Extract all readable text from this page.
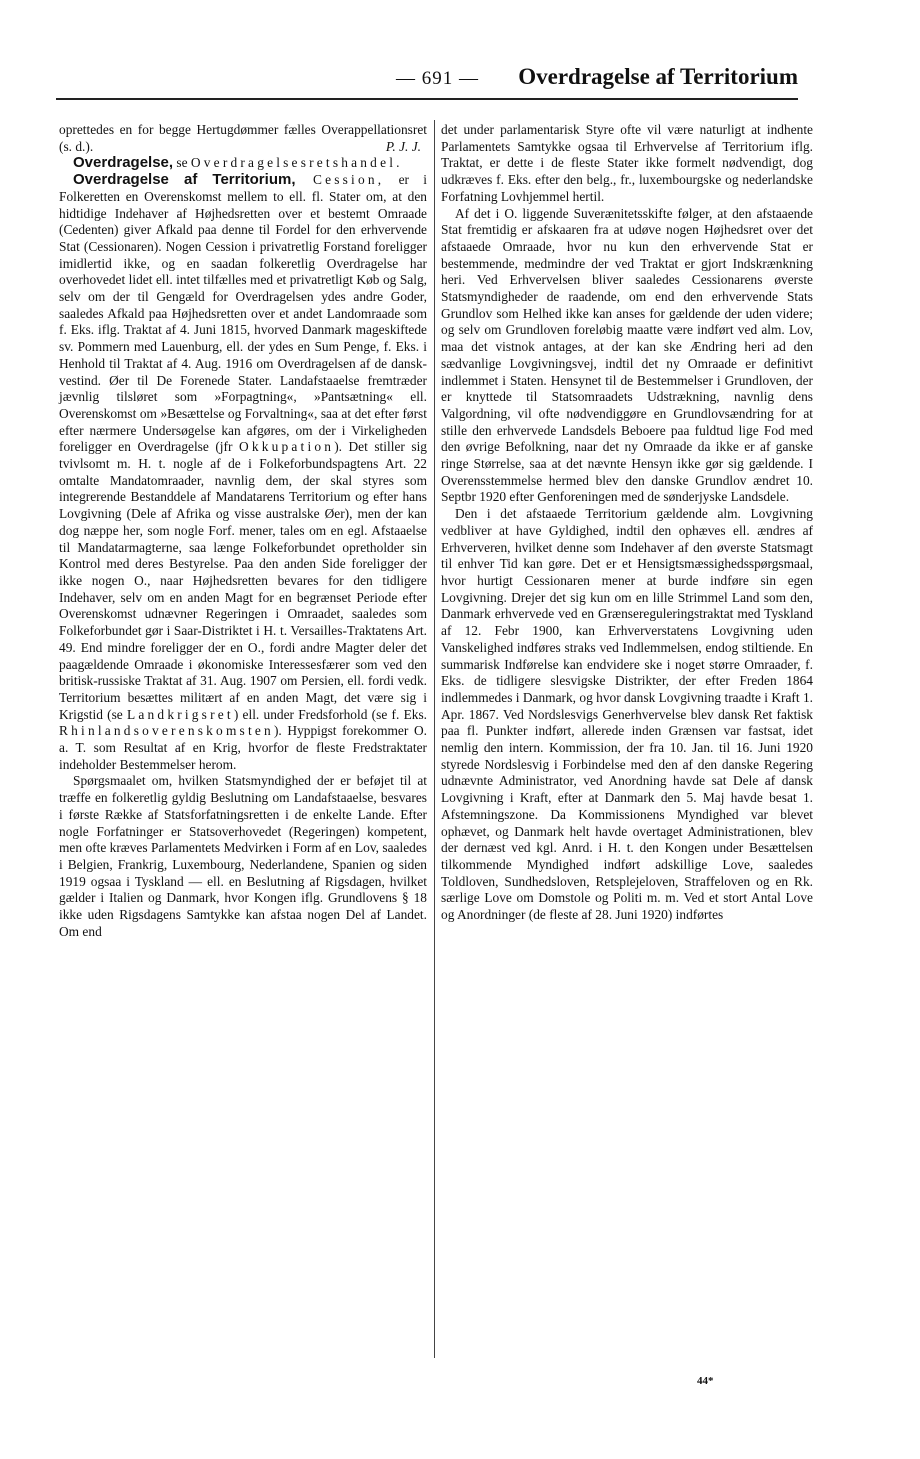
— 691 —	Overdragelse af Territorium

oprettedes en for begge Hertugdømmer fælles Overappellationsret (s. d.).	P. J. J.

Overdragelse, se Overdragelsesretshandel.

Overdragelse af Territorium, Cession, er i Folkeretten en Overenskomst mellem to ell. fl. Stater om, at den hidtidige Indehaver af Højhedsretten over et bestemt Omraade (Cedenten) giver Afkald paa denne til Fordel for den erhvervende Stat (Cessionaren). Nogen Cession i privatretlig Forstand foreligger imidlertid ikke, og en saadan folkeretlig Overdragelse har overhovedet lidet ell. intet tilfælles med et privatretligt Køb og Salg, selv om der til Gengæld for Overdragelsen ydes andre Goder, saaledes Afkald paa Højhedsretten over et andet Landomraade som f. Eks. iflg. Traktat af 4. Juni 1815, hvorved Danmark mageskiftede sv. Pommern med Lauenburg, ell. der ydes en Sum Penge, f. Eks. i Henhold til Traktat af 4. Aug. 1916 om Overdragelsen af de dansk-vestind. Øer til De Forenede Stater. Landafstaaelse fremtræder jævnlig tilsløret som »Forpagtning«, »Pantsætning« ell. Overenskomst om »Besættelse og Forvaltning«, saa at det efter først efter nærmere Undersøgelse kan afgøres, om der i Virkeligheden foreligger en Overdragelse (jfr Okkupation). Det stiller sig tvivlsomt m. H. t. nogle af de i Folkeforbundspagtens Art. 22 omtalte Mandatomraader, navnlig dem, der skal styres som integrerende Bestanddele af Mandatarens Territorium og efter hans Lovgivning (Dele af Afrika og visse australske Øer), men der kan dog næppe her, som nogle Forf. mener, tales om en egl. Afstaaelse til Mandatarmagterne, saa længe Folkeforbundet opretholder sin Kontrol med deres Bestyrelse. Paa den anden Side foreligger der ikke nogen O., naar Højhedsretten bevares for den tidligere Indehaver, selv om en anden Magt for en begrænset Periode efter Overenskomst udnævner Regeringen i Omraadet, saaledes som Folkeforbundet gør i Saar-Distriktet i H. t. Versailles-Traktatens Art. 49. End mindre foreligger der en O., fordi andre Magter deler det paagældende Omraade i økonomiske Interessesfærer som ved den britisk-russiske Traktat af 31. Aug. 1907 om Persien, ell. fordi vedk. Territorium besættes militært af en anden Magt, det være sig i Krigstid (se Landkrigsret) ell. under Fredsforhold (se f. Eks. Rhinlandsoverenskomsten). Hyppigst forekommer O. a. T. som Resultat af en Krig, hvorfor de fleste Fredstraktater indeholder Bestemmelser herom.

Spørgsmaalet om, hvilken Statsmyndighed der er beføjet til at træffe en folkeretlig gyldig Beslutning om Landafstaaelse, besvares i første Række af Statsforfatningsretten i de enkelte Lande. Efter nogle Forfatninger er Statsoverhovedet (Regeringen) kompetent, men ofte kræves Parlamentets Medvirken i Form af en Lov, saaledes i Belgien, Frankrig, Luxembourg, Nederlandene, Spanien og siden 1919 ogsaa i Tyskland — ell. en Beslutning af Rigsdagen, hvilket gælder i Italien og Danmark, hvor Kongen iflg. Grundlovens § 18 ikke uden Rigsdagens Samtykke kan afstaa nogen Del af Landet. Om end

det under parlamentarisk Styre ofte vil være naturligt at indhente Parlamentets Samtykke ogsaa til Erhvervelse af Territorium iflg. Traktat, er dette i de fleste Stater ikke formelt nødvendigt, dog udkræves f. Eks. efter den belg., fr., luxembourgske og nederlandske Forfatning Lovhjemmel hertil.

Af det i O. liggende Suverænitetsskifte følger, at den afstaaende Stat fremtidig er afskaaren fra at udøve nogen Højhedsret over det afstaaede Omraade, hvor nu kun den erhvervende Stat er bestemmende, medmindre der ved Traktat er gjort Indskrænkning heri. Ved Erhvervelsen bliver saaledes Cessionarens øverste Statsmyndigheder de raadende, om end den erhvervende Stats Grundlov som Helhed ikke kan anses for gældende der uden videre; og selv om Grundloven foreløbig maatte være indført ved alm. Lov, maa det vistnok antages, at der kan ske Ændring heri ad den sædvanlige Lovgivningsvej, indtil det ny Omraade er definitivt indlemmet i Staten. Hensynet til de Bestemmelser i Grundloven, der er knyttede til Statsomraadets Udstrækning, navnlig dens Valgordning, vil ofte nødvendiggøre en Grundlovsændring for at stille den erhvervede Landsdels Beboere paa fuldtud lige Fod med den øvrige Befolkning, naar det ny Omraade da ikke er af ganske ringe Størrelse, saa at det nævnte Hensyn ikke gør sig gældende. I Overensstemmelse hermed blev den danske Grundlov ændret 10. Septbr 1920 efter Genforeningen med de sønderjyske Landsdele.

Den i det afstaaede Territorium gældende alm. Lovgivning vedbliver at have Gyldighed, indtil den ophæves ell. ændres af Erhververen, hvilket denne som Indehaver af den øverste Statsmagt til enhver Tid kan gøre. Det er et Hensigtsmæssighedsspørgsmaal, hvor hurtigt Cessionaren mener at burde indføre sin egen Lovgivning. Drejer det sig kun om en lille Strimmel Land som den, Danmark erhvervede ved en Grænsereguleringstraktat med Tyskland af 12. Febr 1900, kan Erhververstatens Lovgivning uden Vanskelighed indføres straks ved Indlemmelsen, endog stiltiende. En summarisk Indførelse kan endvidere ske i noget større Omraader, f. Eks. de tidligere slesvigske Distrikter, der efter Freden 1864 indlemmedes i Danmark, og hvor dansk Lovgivning traadte i Kraft 1. Apr. 1867. Ved Nordslesvigs Generhvervelse blev dansk Ret faktisk paa fl. Punkter indført, allerede inden Grænsen var fastsat, idet nemlig den intern. Kommission, der fra 10. Jan. til 16. Juni 1920 styrede Nordslesvig i Forbindelse med den af den danske Regering udnævnte Administrator, ved Anordning havde sat Dele af dansk Lovgivning i Kraft, efter at Danmark den 5. Maj havde besat 1. Afstemningszone. Da Kommissionens Myndighed var blevet ophævet, og Danmark helt havde overtaget Administrationen, blev der dernæst ved kgl. Anrd. i H. t. den Kongen under Besættelsen tilkommende Myndighed indført adskillige Love, saaledes Toldloven, Sundhedsloven, Retsplejeloven, Straffeloven og en Rk. særlige Love om Domstole og Politi m. m. Ved et stort Antal Love og Anordninger (de fleste af 28. Juni 1920) indførtes

44*
